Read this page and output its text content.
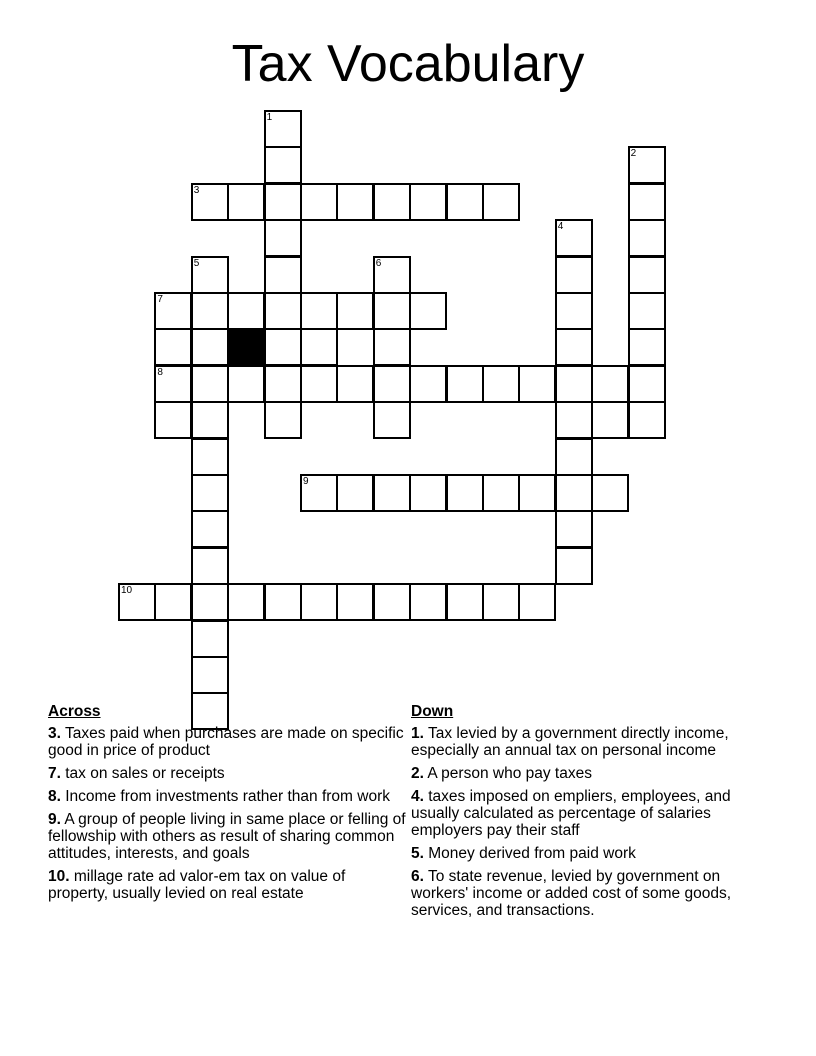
Tax Vocabulary
1
3
2
4
5	6
7
8
9
10
Across
3. Taxes paid when purchases are made on specific good in price of product
7. tax on sales or receipts
8. Income from investments rather than from work
9. A group of people living in same place or felling of fellowship with others as result of sharing common attitudes, interests, and goals
10. millage rate ad valor-em tax on value of property, usually levied on real estate
Down
1. Tax levied by a government directly income, especially an annual tax on personal income
2. A person who pay taxes
4. taxes imposed on empliers, employees, and usually calculated as percentage of salaries employers pay their staff
5. Money derived from paid work
6. To state revenue, levied by government on workers' income or added cost of some goods, services, and transactions.
